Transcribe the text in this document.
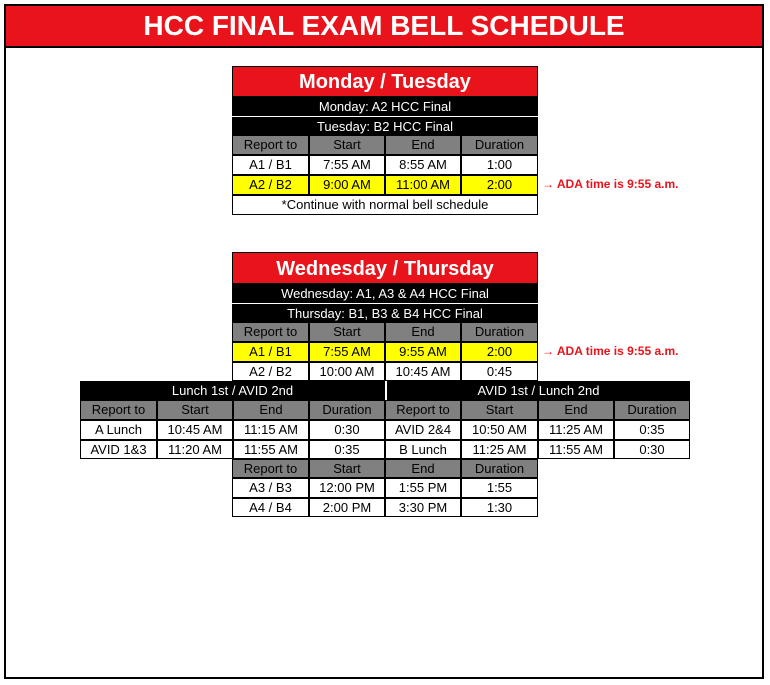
HCC FINAL EXAM BELL SCHEDULE
Monday / Tuesday
Monday: A2 HCC Final
Tuesday: B2 HCC Final
Report to	Start	End	Duration
A1 / B1	7:55 AM	8:55 AM	1:00
A2 / B2	9:00 AM	11:00 AM	2:00
*Continue with normal bell schedule
→ ADA time is 9:55 a.m.
Wednesday / Thursday
Wednesday: A1, A3 & A4 HCC Final
Thursday: B1, B3 & B4 HCC Final
Report to	Start	End	Duration
A1 / B1	7:55 AM	9:55 AM	2:00
A2 / B2	10:00 AM	10:45 AM	0:45
→ ADA time is 9:55 a.m.
Lunch 1st / AVID 2nd	AVID 1st / Lunch 2nd
Report to	Start	End	Duration	Report to	Start	End	Duration
A Lunch	10:45 AM	11:15 AM	0:30	AVID 2&4	10:50 AM	11:25 AM	0:35
AVID 1&3	11:20 AM	11:55 AM	0:35	B Lunch	11:25 AM	11:55 AM	0:30
Report to	Start	End	Duration
A3 / B3	12:00 PM	1:55 PM	1:55
A4 / B4	2:00 PM	3:30 PM	1:30
